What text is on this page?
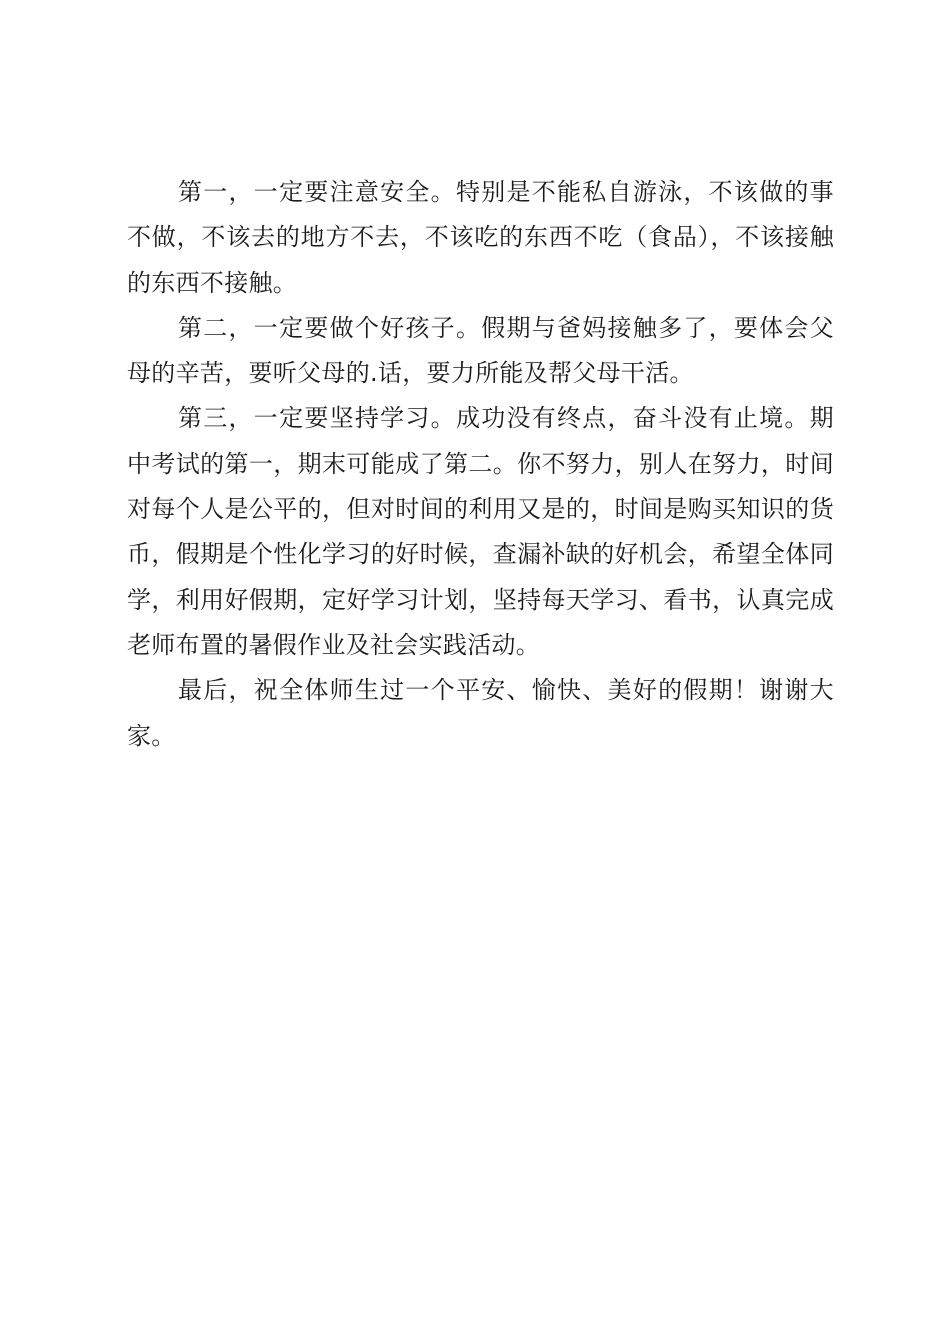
第一，一定要注意安全。特别是不能私自游泳，不该做的事不做，不该去的地方不去，不该吃的东西不吃（食品），不该接触的东西不接触。

第二，一定要做个好孩子。假期与爸妈接触多了，要体会父母的辛苦，要听父母的.话，要力所能及帮父母干活。

第三，一定要坚持学习。成功没有终点，奋斗没有止境。期中考试的第一，期末可能成了第二。你不努力，别人在努力，时间对每个人是公平的，但对时间的利用又是的，时间是购买知识的货币，假期是个性化学习的好时候，查漏补缺的好机会，希望全体同学，利用好假期，定好学习计划，坚持每天学习、看书，认真完成老师布置的暑假作业及社会实践活动。

最后，祝全体师生过一个平安、愉快、美好的假期！谢谢大家。
